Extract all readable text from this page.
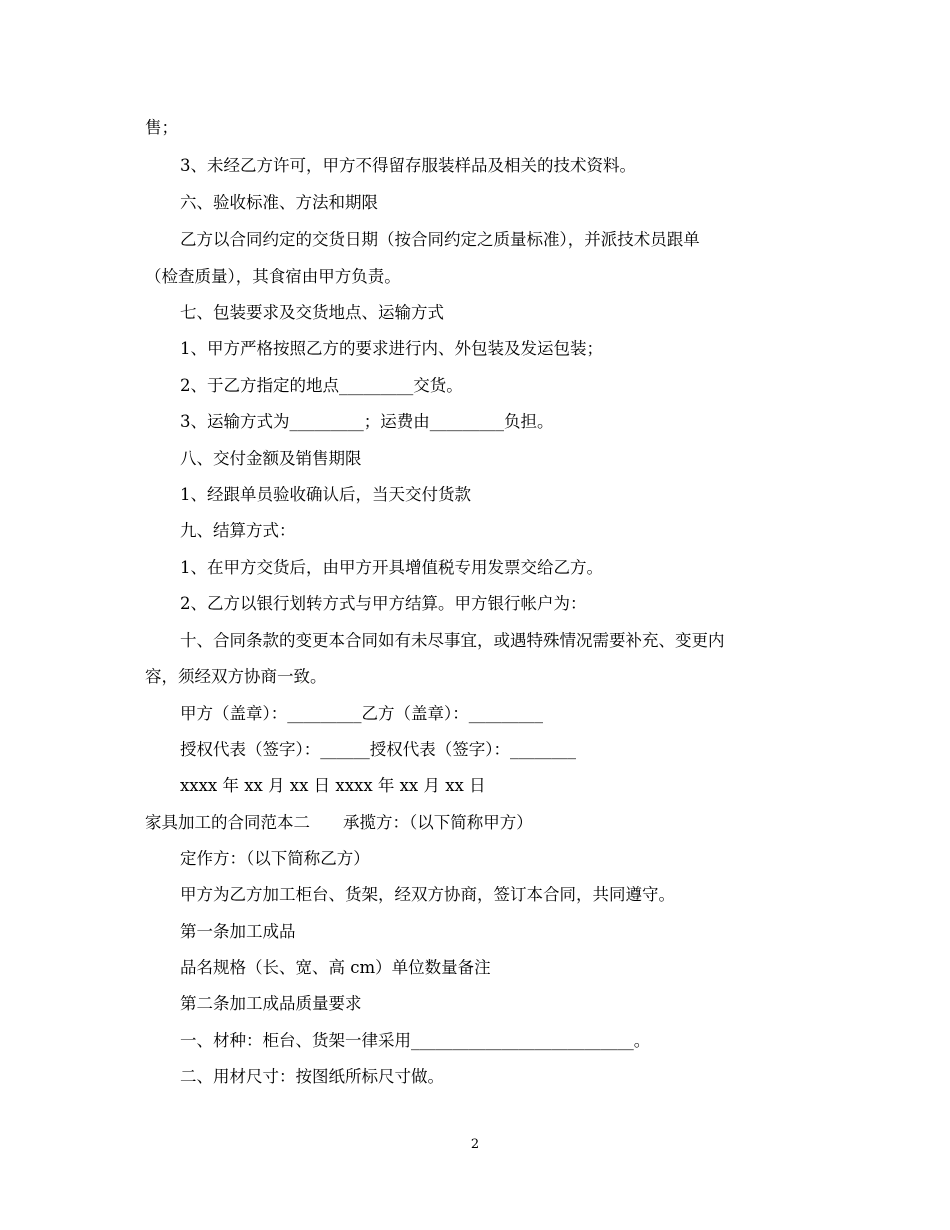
售；
3、未经乙方许可，甲方不得留存服装样品及相关的技术资料。
六、验收标准、方法和期限
乙方以合同约定的交货日期（按合同约定之质量标准），并派技术员跟单
（检查质量），其食宿由甲方负责。
七、包装要求及交货地点、运输方式
1、甲方严格按照乙方的要求进行内、外包装及发运包装；
2、于乙方指定的地点_________交货。
3、运输方式为_________；运费由_________负担。
八、交付金额及销售期限
1、经跟单员验收确认后，当天交付货款
九、结算方式：
1、在甲方交货后，由甲方开具增值税专用发票交给乙方。
2、乙方以银行划转方式与甲方结算。甲方银行帐户为：
十、合同条款的变更本合同如有未尽事宜，或遇特殊情况需要补充、变更内
容，须经双方协商一致。
甲方（盖章）：_________乙方（盖章）：_________
授权代表（签字）：______授权代表（签字）：________
xxxx 年 xx 月 xx 日 xxxx 年 xx 月 xx 日
家具加工的合同范本二　　承揽方：（以下简称甲方）
定作方：（以下简称乙方）
甲方为乙方加工柜台、货架，经双方协商，签订本合同，共同遵守。
第一条加工成品
品名规格（长、宽、高 cm）单位数量备注
第二条加工成品质量要求
一、材种：柜台、货架一律采用___________________________。
二、用材尺寸：按图纸所标尺寸做。
2
